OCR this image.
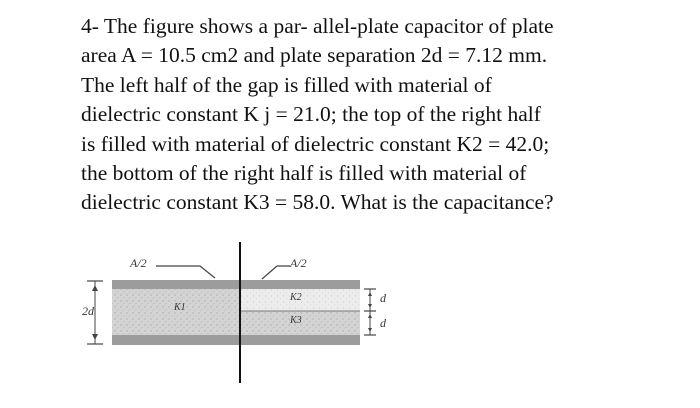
4- The figure shows a par- allel-plate capacitor of plate
area A = 10.5 cm2 and plate separation 2d = 7.12 mm.
The left half of the gap is filled with material of
dielectric constant K j = 21.0; the top of the right half
is filled with material of dielectric constant K2 = 42.0;
the bottom of the right half is filled with material of
dielectric constant K3 = 58.0. What is the capacitance?
A/2	A/2
2d	K1
K2
K3
d
d
